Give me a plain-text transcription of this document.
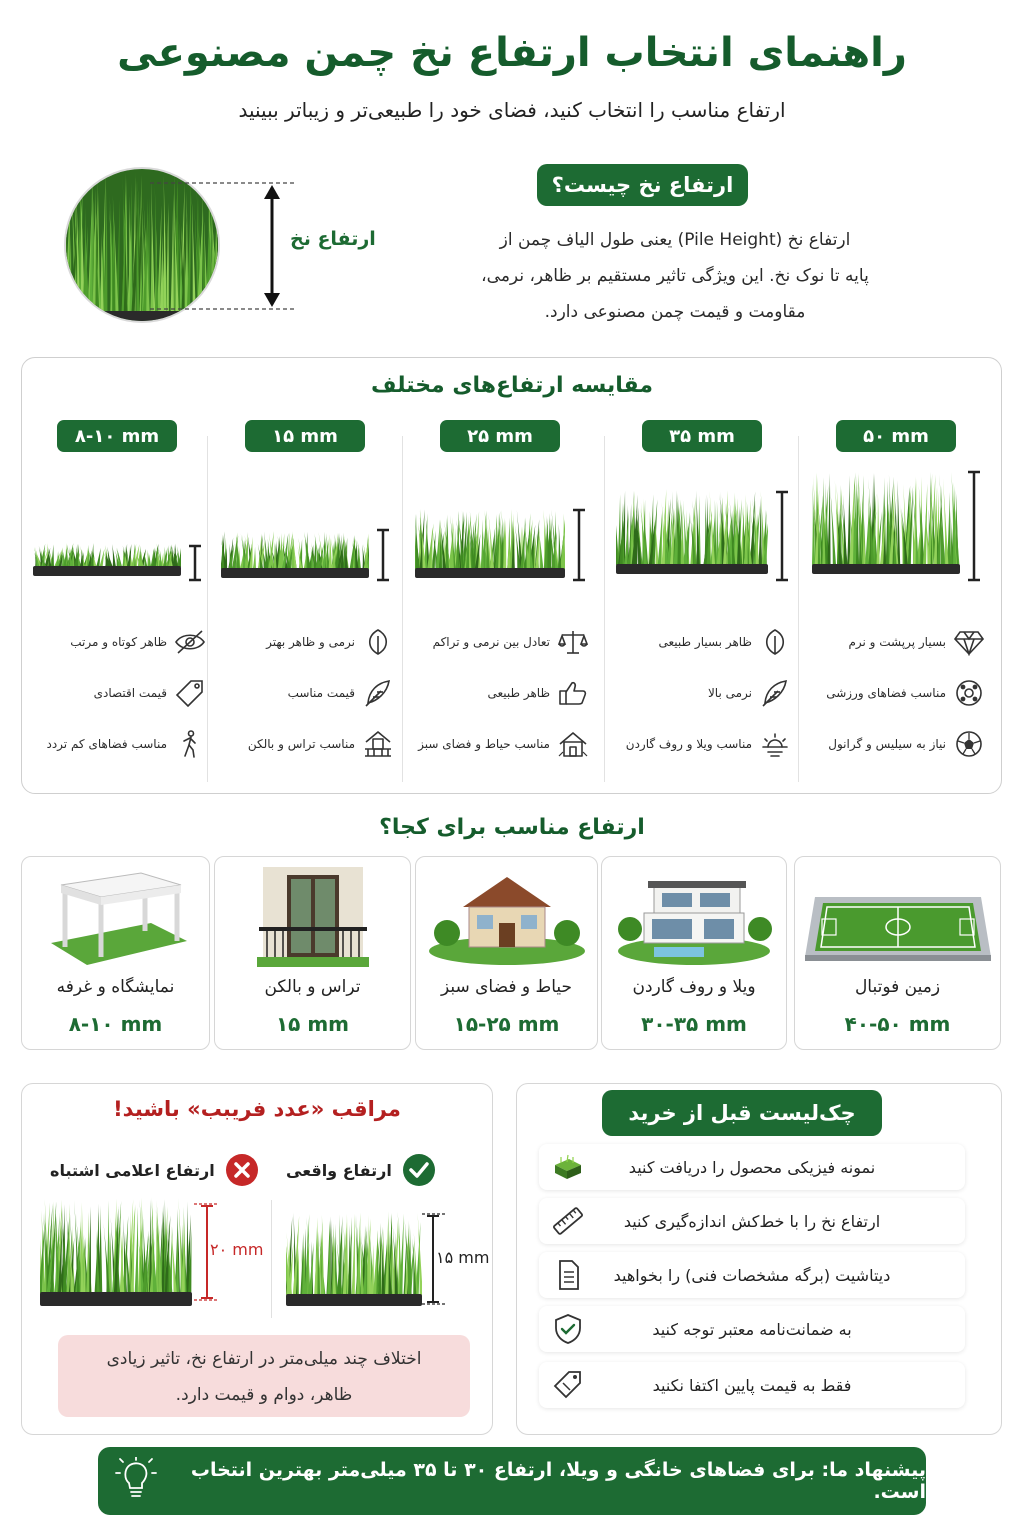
راهنمای انتخاب ارتفاع نخ چمن مصنوعی
ارتفاع مناسب را انتخاب کنید، فضای خود را طبیعی‌تر و زیباتر ببینید
ارتفاع نخ چیست؟
ارتفاع نخ (Pile Height) یعنی طول الیاف چمن از
پایه تا نوک نخ. این ویژگی تاثیر مستقیم بر ظاهر، نرمی،
مقاومت و قیمت چمن مصنوعی دارد.
ارتفاع نخ
مقایسه ارتفاع‌های مختلف
۵۰ mm
بسیار پرپشت و نرم
مناسب فضاهای ورزشی
نیاز به سیلیس و گرانول
۳۵ mm
ظاهر بسیار طبیعی
نرمی بالا
مناسب ویلا و روف گاردن
۲۵ mm
تعادل بین نرمی و تراکم
ظاهر طبیعی
مناسب حیاط و فضای سبز
۱۵ mm
نرمی و ظاهر بهتر
قیمت مناسب
مناسب تراس و بالکن
۸-۱۰ mm
ظاهر کوتاه و مرتب
قیمت اقتصادی
مناسب فضاهای کم تردد
ارتفاع مناسب برای کجا؟
زمین فوتبال
۴۰-۵۰ mm
ویلا و روف گاردن
۳۰-۳۵ mm
حیاط و فضای سبز
۱۵-۲۵ mm
تراس و بالکن
۱۵ mm
نمایشگاه و غرفه
۸-۱۰ mm
مراقب «عدد فریبب» باشید!
ارتفاع واقعی
ارتفاع اعلامی اشتباه
۲۰ mm	۱۵ mm
اختلاف چند میلی‌متر در ارتفاع نخ، تاثیر زیادی
ظاهر، دوام و قیمت دارد.
چک‌لیست قبل از خرید
نمونه فیزیکی محصول را دریافت کنید
ارتفاع نخ را با خط‌کش اندازه‌گیری کنید
دیتاشیت (برگه مشخصات فنی) را بخواهید
به ضمانت‌نامه معتبر توجه کنید
فقط به قیمت پایین اکتفا نکنید
پیشنهاد ما: برای فضاهای خانگی و ویلا، ارتفاع ۳۰ تا ۳۵ میلی‌متر بهترین انتخاب است.
